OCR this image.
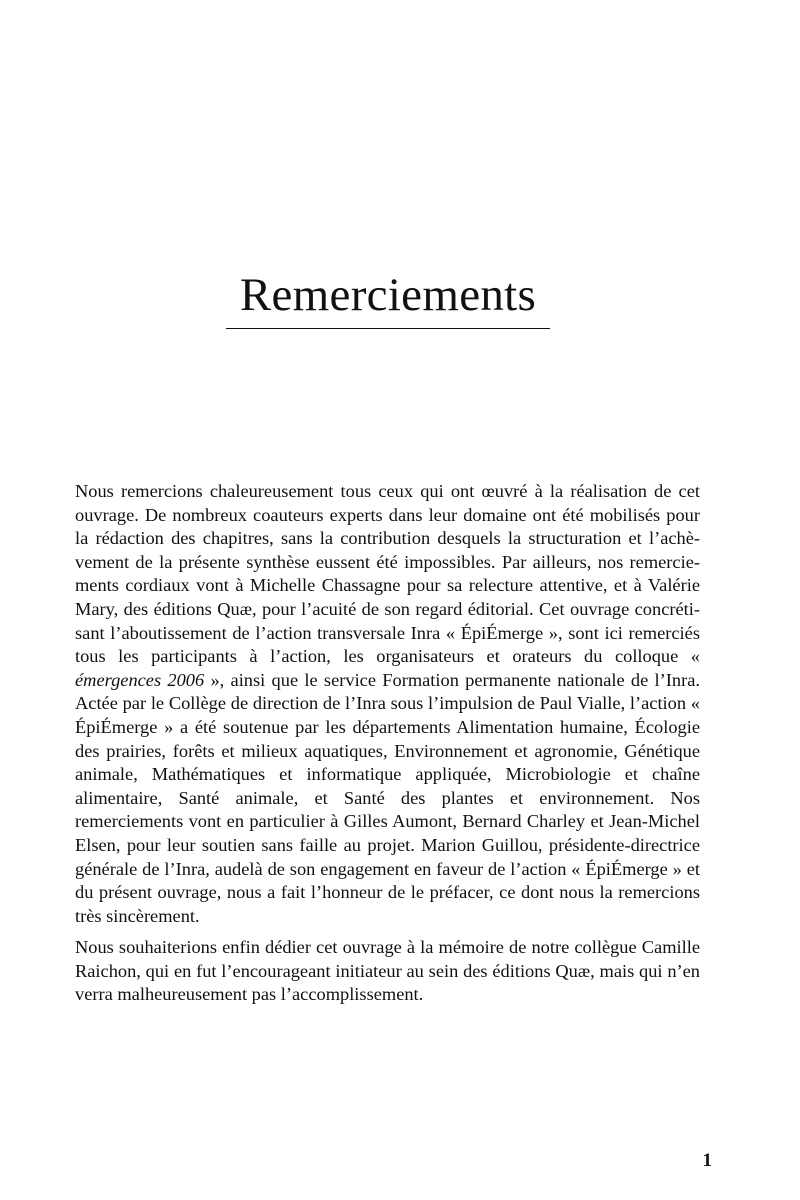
Remerciements

Nous remercions chaleureusement tous ceux qui ont œuvré à la réalisation de cet ouvrage. De nombreux coauteurs experts dans leur domaine ont été mobilisés pour la rédaction des chapitres, sans la contribution desquels la structuration et l’achèvement de la présente synthèse eussent été impossibles. Par ailleurs, nos remerciements cordiaux vont à Michelle Chassagne pour sa relecture attentive, et à Valérie Mary, des éditions Quæ, pour l’acuité de son regard éditorial. Cet ouvrage concrétisant l’aboutissement de l’action transversale Inra « ÉpiÉmerge », sont ici remerciés tous les participants à l’action, les organisateurs et orateurs du colloque « émergences 2006 », ainsi que le service Formation permanente nationale de l’Inra. Actée par le Collège de direction de l’Inra sous l’impulsion de Paul Vialle, l’action « ÉpiÉmerge » a été soutenue par les départements Alimentation humaine, Écologie des prairies, forêts et milieux aquatiques, Environnement et agronomie, Génétique animale, Mathématiques et informatique appliquée, Microbiologie et chaîne alimentaire, Santé animale, et Santé des plantes et environnement. Nos remerciements vont en particulier à Gilles Aumont, Bernard Charley et Jean-Michel Elsen, pour leur soutien sans faille au projet. Marion Guillou, présidente-directrice générale de l’Inra, audelà de son engagement en faveur de l’action « ÉpiÉmerge » et du présent ouvrage, nous a fait l’honneur de le préfacer, ce dont nous la remercions très sincèrement.

Nous souhaiterions enfin dédier cet ouvrage à la mémoire de notre collègue Camille Raichon, qui en fut l’encourageant initiateur au sein des éditions Quæ, mais qui n’en verra malheureusement pas l’accomplissement.

1
